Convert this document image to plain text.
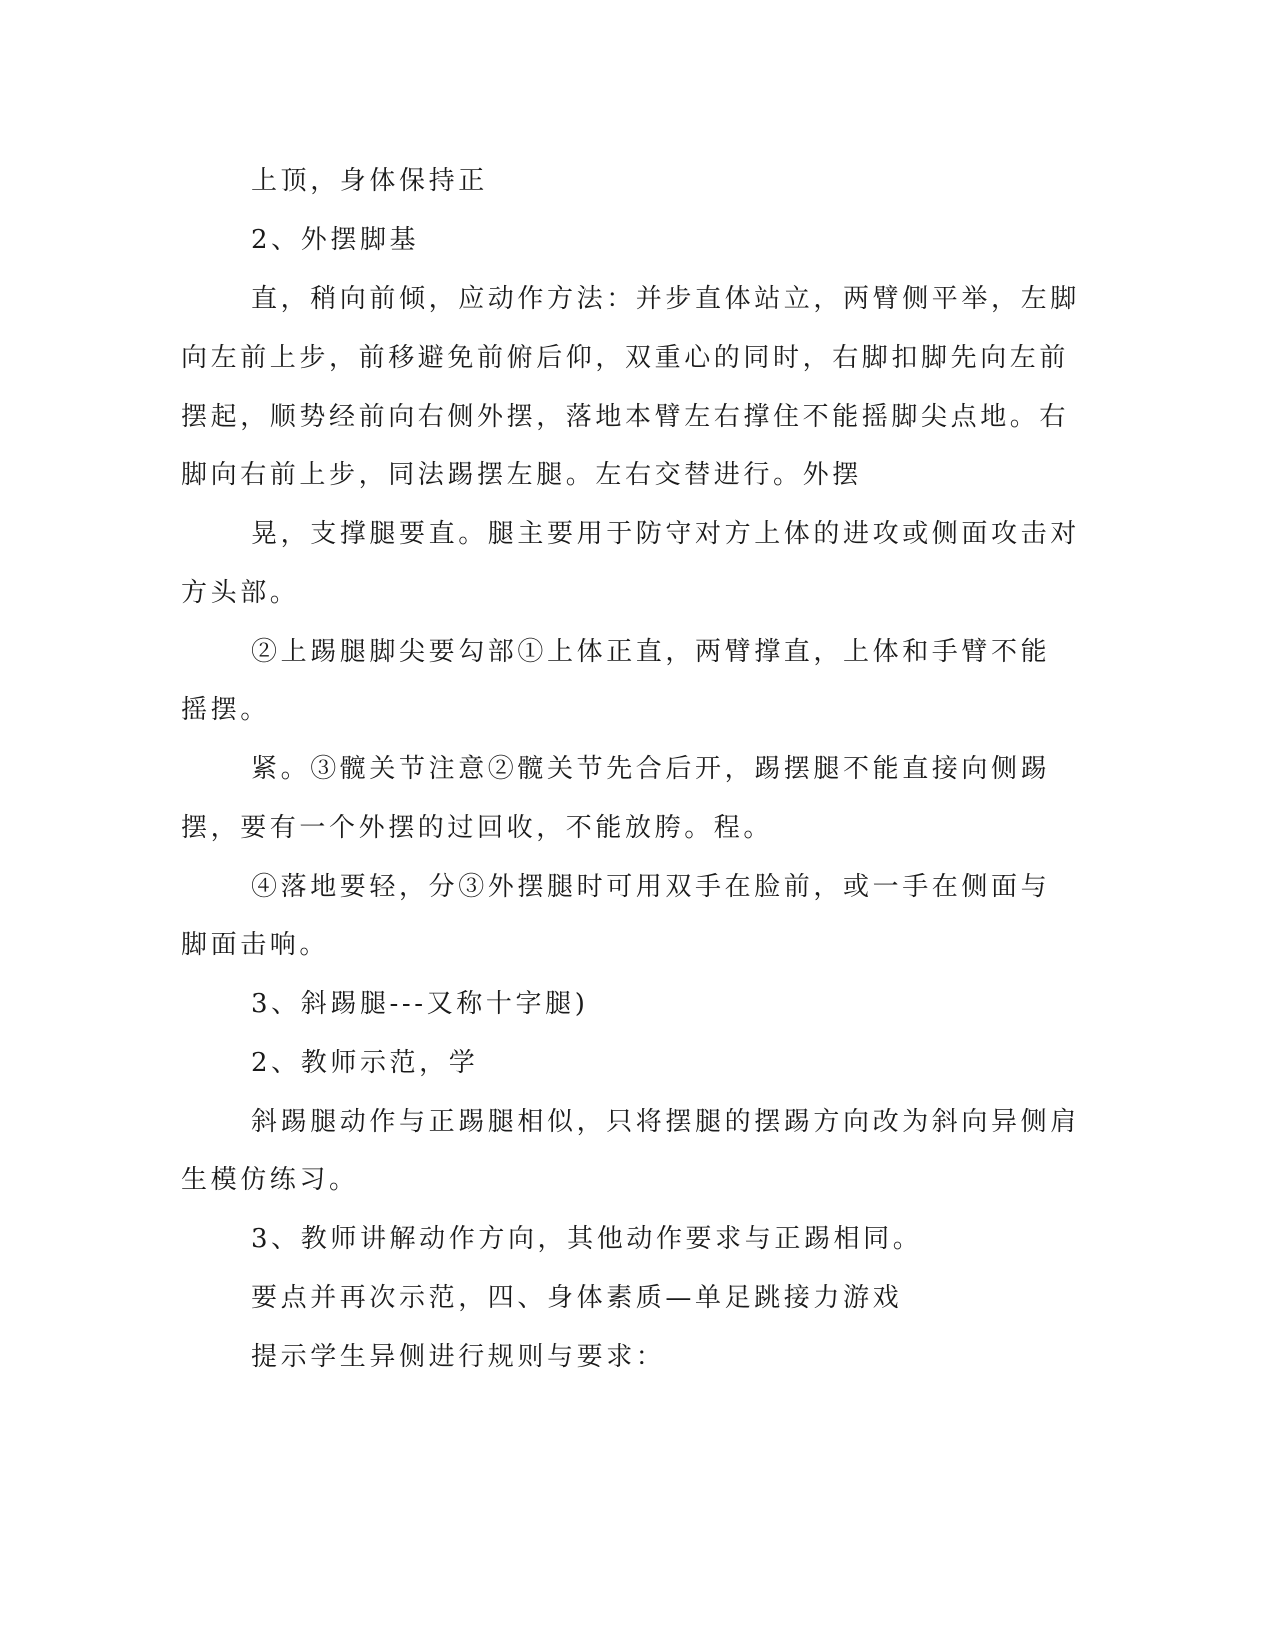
上顶，身体保持正
2、外摆脚基
直，稍向前倾，应动作方法：并步直体站立，两臂侧平举，左脚
向左前上步，前移避免前俯后仰，双重心的同时，右脚扣脚先向左前
摆起，顺势经前向右侧外摆，落地本臂左右撑住不能摇脚尖点地。右
脚向右前上步，同法踢摆左腿。左右交替进行。外摆
晃，支撑腿要直。腿主要用于防守对方上体的进攻或侧面攻击对
方头部。
②上踢腿脚尖要勾部①上体正直，两臂撑直，上体和手臂不能
摇摆。
紧。③髋关节注意②髋关节先合后开，踢摆腿不能直接向侧踢
摆，要有一个外摆的过回收，不能放胯。程。
④落地要轻，分③外摆腿时可用双手在脸前，或一手在侧面与
脚面击响。
3、斜踢腿---又称十字腿)
2、教师示范，学
斜踢腿动作与正踢腿相似，只将摆腿的摆踢方向改为斜向异侧肩
生模仿练习。
3、教师讲解动作方向，其他动作要求与正踢相同。
要点并再次示范，四、身体素质—单足跳接力游戏
提示学生异侧进行规则与要求：
